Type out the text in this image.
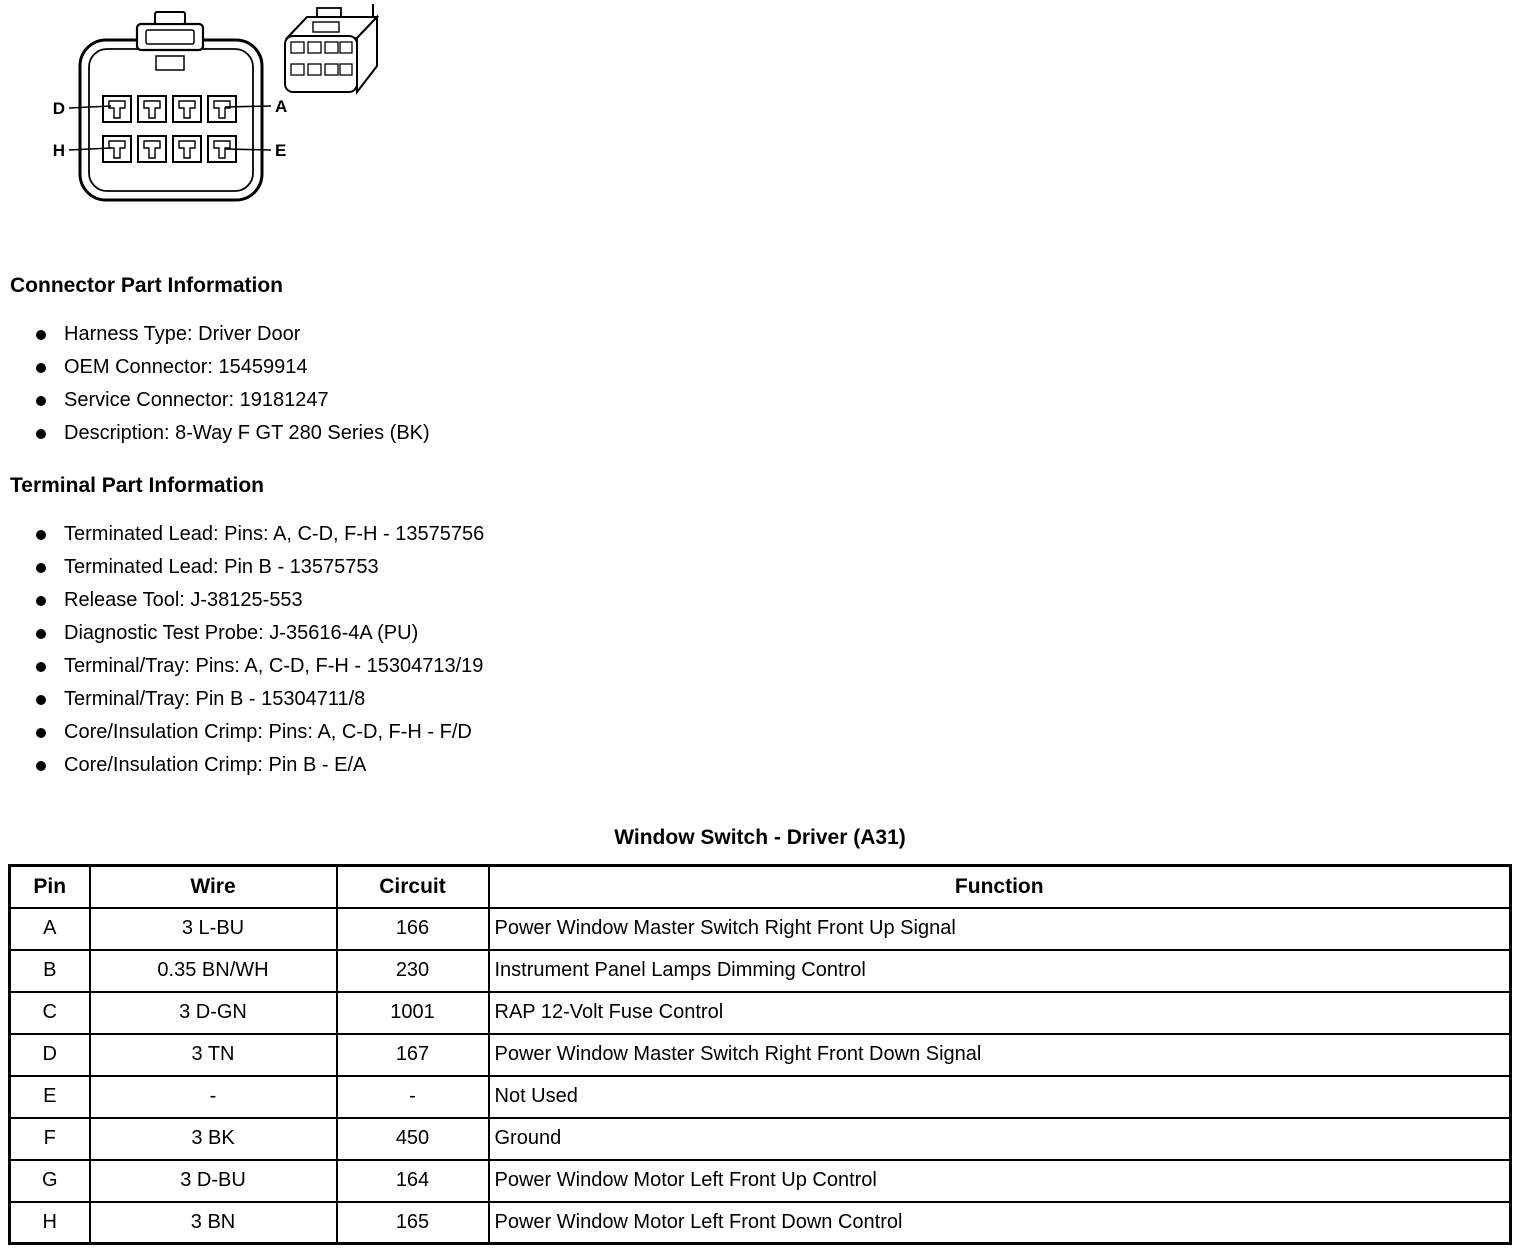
D	A
H	E
Connector Part Information
Harness Type: Driver Door
OEM Connector: 15459914
Service Connector: 19181247
Description: 8-Way F GT 280 Series (BK)
Terminal Part Information
Terminated Lead: Pins: A, C-D, F-H - 13575756
Terminated Lead: Pin B - 13575753
Release Tool: J-38125-553
Diagnostic Test Probe: J-35616-4A (PU)
Terminal/Tray: Pins: A, C-D, F-H - 15304713/19
Terminal/Tray: Pin B - 15304711/8
Core/Insulation Crimp: Pins: A, C-D, F-H - F/D
Core/Insulation Crimp: Pin B - E/A
Window Switch - Driver (A31)
Pin	Wire	Circuit	Function
A	3 L-BU	166	Power Window Master Switch Right Front Up Signal
B	0.35 BN/WH	230	Instrument Panel Lamps Dimming Control
C	3 D-GN	1001	RAP 12-Volt Fuse Control
D	3 TN	167	Power Window Master Switch Right Front Down Signal
E	-	-	Not Used
F	3 BK	450	Ground
G	3 D-BU	164	Power Window Motor Left Front Up Control
H	3 BN	165	Power Window Motor Left Front Down Control
